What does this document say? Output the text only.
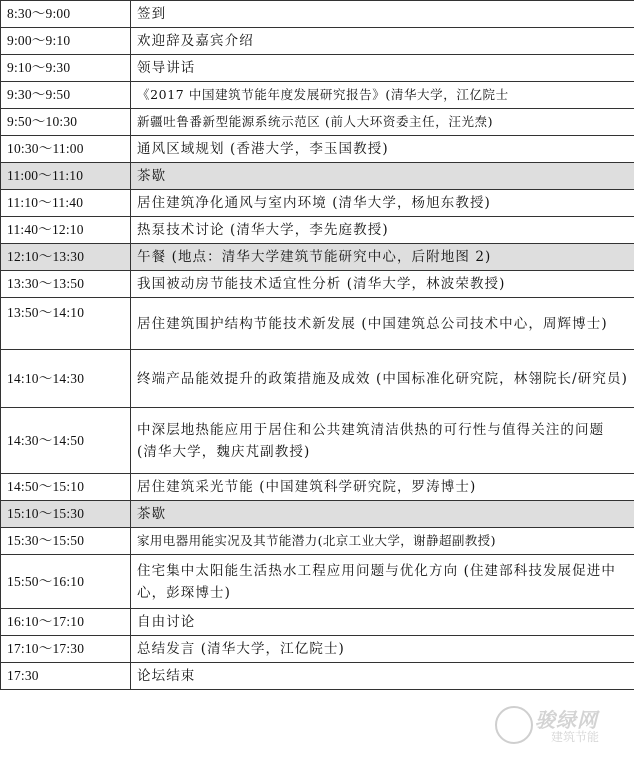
8:30～9:00	签到
9:00～9:10	欢迎辞及嘉宾介绍
9:10～9:30	领导讲话
9:30～9:50	《2017 中国建筑节能年度发展研究报告》(清华大学，江亿院士
9:50～10:30	新疆吐鲁番新型能源系统示范区 (前人大环资委主任，汪光焘)
10:30～11:00	通风区域规划 (香港大学，李玉国教授)
11:00～11:10	茶歇
11:10～11:40	居住建筑净化通风与室内环境 (清华大学，杨旭东教授)
11:40～12:10	热泵技术讨论 (清华大学，李先庭教授)
12:10～13:30	午餐 (地点：清华大学建筑节能研究中心，后附地图 2)
13:30～13:50	我国被动房节能技术适宜性分析 (清华大学，林波荣教授)
13:50～14:10	居住建筑围护结构节能技术新发展 (中国建筑总公司技术中心，周辉博士)
14:10～14:30	终端产品能效提升的政策措施及成效 (中国标准化研究院，林翎院长/研究员)
14:30～14:50	中深层地热能应用于居住和公共建筑清洁供热的可行性与值得关注的问题 (清华大学，魏庆芃副教授)
14:50～15:10	居住建筑采光节能 (中国建筑科学研究院，罗涛博士)
15:10～15:30	茶歇
15:30～15:50	家用电器用能实况及其节能潜力(北京工业大学，谢静超副教授)
15:50～16:10	住宅集中太阳能生活热水工程应用问题与优化方向 (住建部科技发展促进中心，彭琛博士)
16:10～17:10	自由讨论
17:10～17:30	总结发言 (清华大学，江亿院士)
17:30	论坛结束
骏绿网
建筑节能
